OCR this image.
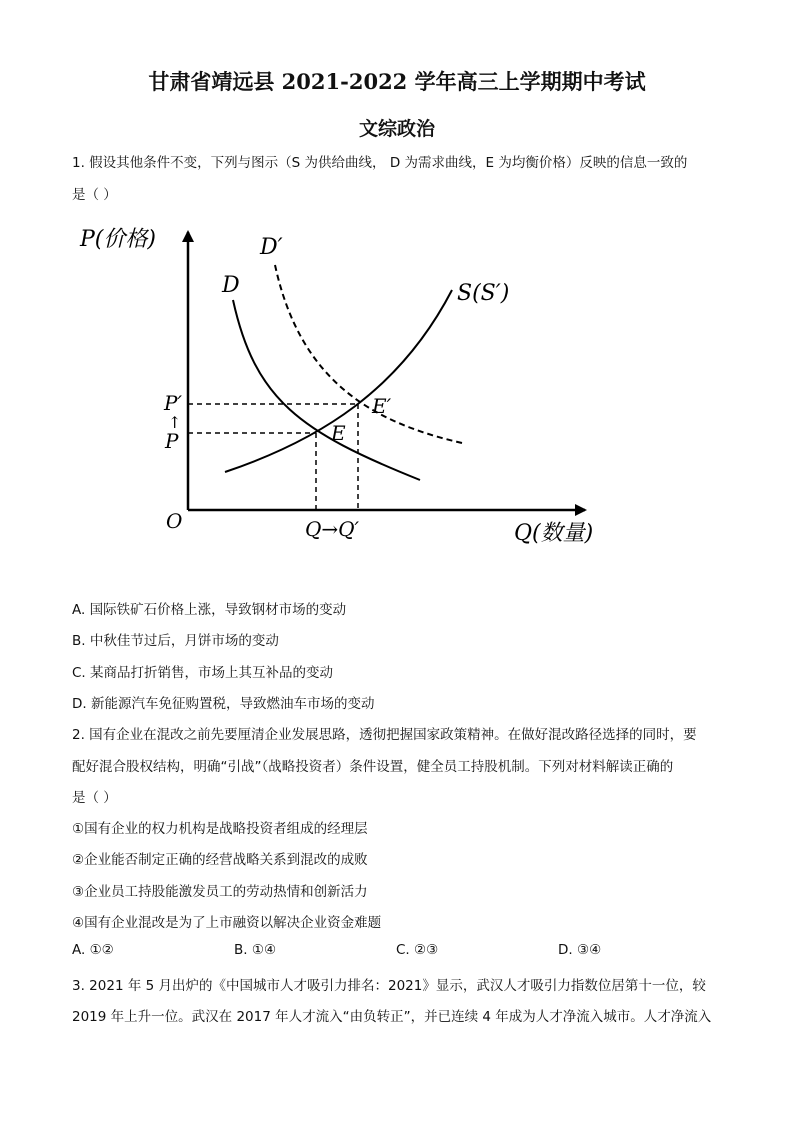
甘肃省靖远县 2021-2022 学年高三上学期期中考试
文综政治
1. 假设其他条件不变，下列与图示（S 为供给曲线， D 为需求曲线，E 为均衡价格）反映的信息一致的
是（ ）
P(价格)
Q(数量)
O
P′
↑
P
Q→Q′
D
D′
S(S′)
E
E′
A. 国际铁矿石价格上涨，导致钢材市场的变动
B. 中秋佳节过后，月饼市场的变动
C. 某商品打折销售，市场上其互补品的变动
D. 新能源汽车免征购置税，导致燃油车市场的变动
2. 国有企业在混改之前先要厘清企业发展思路，透彻把握国家政策精神。在做好混改路径选择的同时，要
配好混合股权结构，明确“引战”（战略投资者）条件设置，健全员工持股机制。下列对材料解读正确的
是（ ）
①国有企业的权力机构是战略投资者组成的经理层
②企业能否制定正确的经营战略关系到混改的成败
③企业员工持股能激发员工的劳动热情和创新活力
④国有企业混改是为了上市融资以解决企业资金难题
A. ①②	B. ①④	C. ②③	D. ③④
3. 2021 年 5 月出炉的《中国城市人才吸引力排名：2021》显示，武汉人才吸引力指数位居第十一位，较
2019 年上升一位。武汉在 2017 年人才流入“由负转正”，并已连续 4 年成为人才净流入城市。人才净流入
